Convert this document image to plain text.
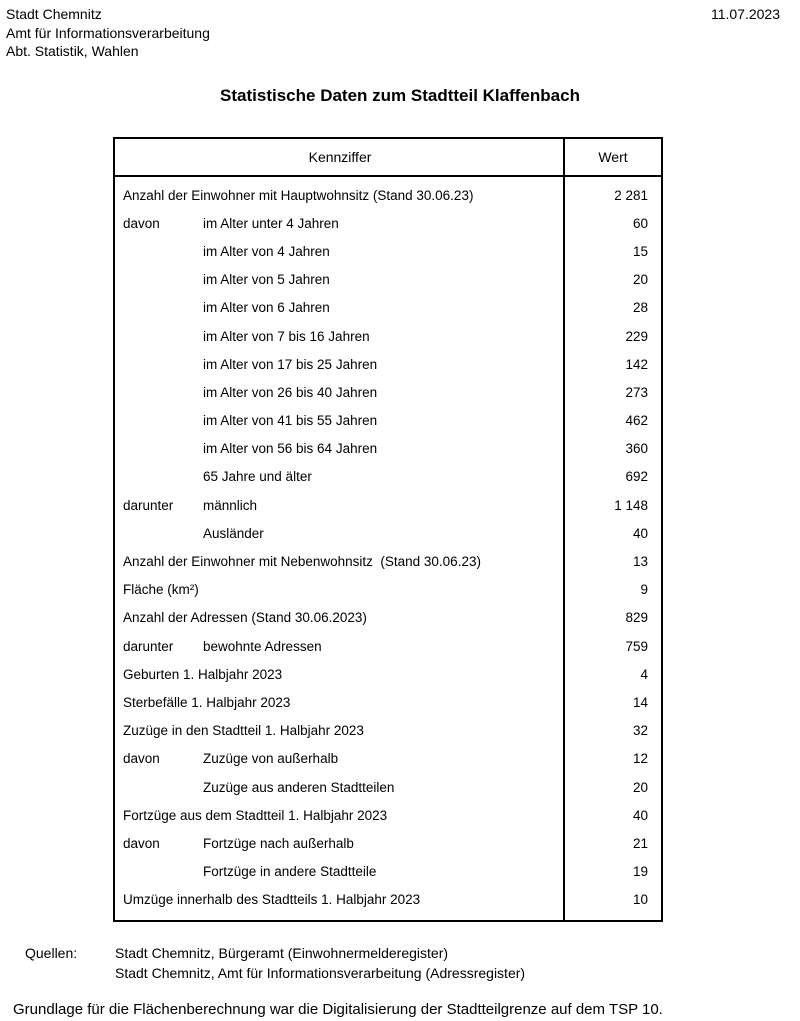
Stadt Chemnitz
Amt für Informationsverarbeitung
Abt. Statistik, Wahlen
11.07.2023
Statistische Daten zum Stadtteil Klaffenbach
Kennziffer	Wert
Anzahl der Einwohner mit Hauptwohnsitz (Stand 30.06.23)	2 281
davon	im Alter unter 4 Jahren	60
im Alter von 4 Jahren	15
im Alter von 5 Jahren	20
im Alter von 6 Jahren	28
im Alter von 7 bis 16 Jahren	229
im Alter von 17 bis 25 Jahren	142
im Alter von 26 bis 40 Jahren	273
im Alter von 41 bis 55 Jahren	462
im Alter von 56 bis 64 Jahren	360
65 Jahre und älter	692
darunter männlich	1 148
Ausländer	40
Anzahl der Einwohner mit Nebenwohnsitz  (Stand 30.06.23)	13
Fläche (km²)	9
Anzahl der Adressen (Stand 30.06.2023)	829
darunter bewohnte Adressen	759
Geburten 1. Halbjahr 2023	4
Sterbefälle 1. Halbjahr 2023	14
Zuzüge in den Stadtteil 1. Halbjahr 2023	32
davon	Zuzüge von außerhalb	12
Zuzüge aus anderen Stadtteilen	20
Fortzüge aus dem Stadtteil 1. Halbjahr 2023	40
davon	Fortzüge nach außerhalb	21
Fortzüge in andere Stadtteile	19
Umzüge innerhalb des Stadtteils 1. Halbjahr 2023	10
Quellen:	Stadt Chemnitz, Bürgeramt (Einwohnermelderegister)
Stadt Chemnitz, Amt für Informationsverarbeitung (Adressregister)
Grundlage für die Flächenberechnung war die Digitalisierung der Stadtteilgrenze auf dem TSP 10.
